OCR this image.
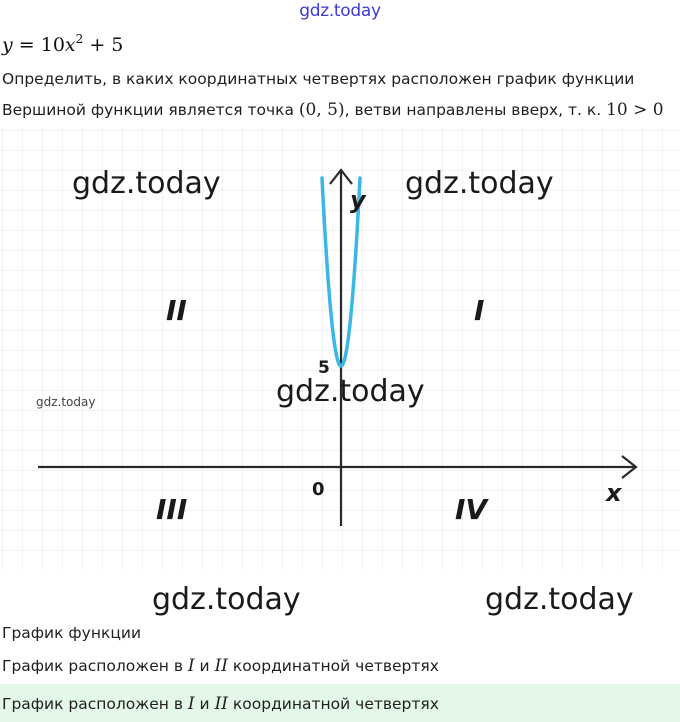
gdz.today
$y = 10x^2 + 5$
Определить, в каких координатных четвертях расположен график функции
Вершиной функции является точка (0, 5), ветви направлены вверх, т. к. 10 > 0
y
x
0
5
II	I
III	IV
gdz.today	gdz.today
gdz.today
gdz.today
gdz.today	gdz.today
График функции
График расположен в I и II координатной четвертях
График расположен в I и II координатной четвертях
